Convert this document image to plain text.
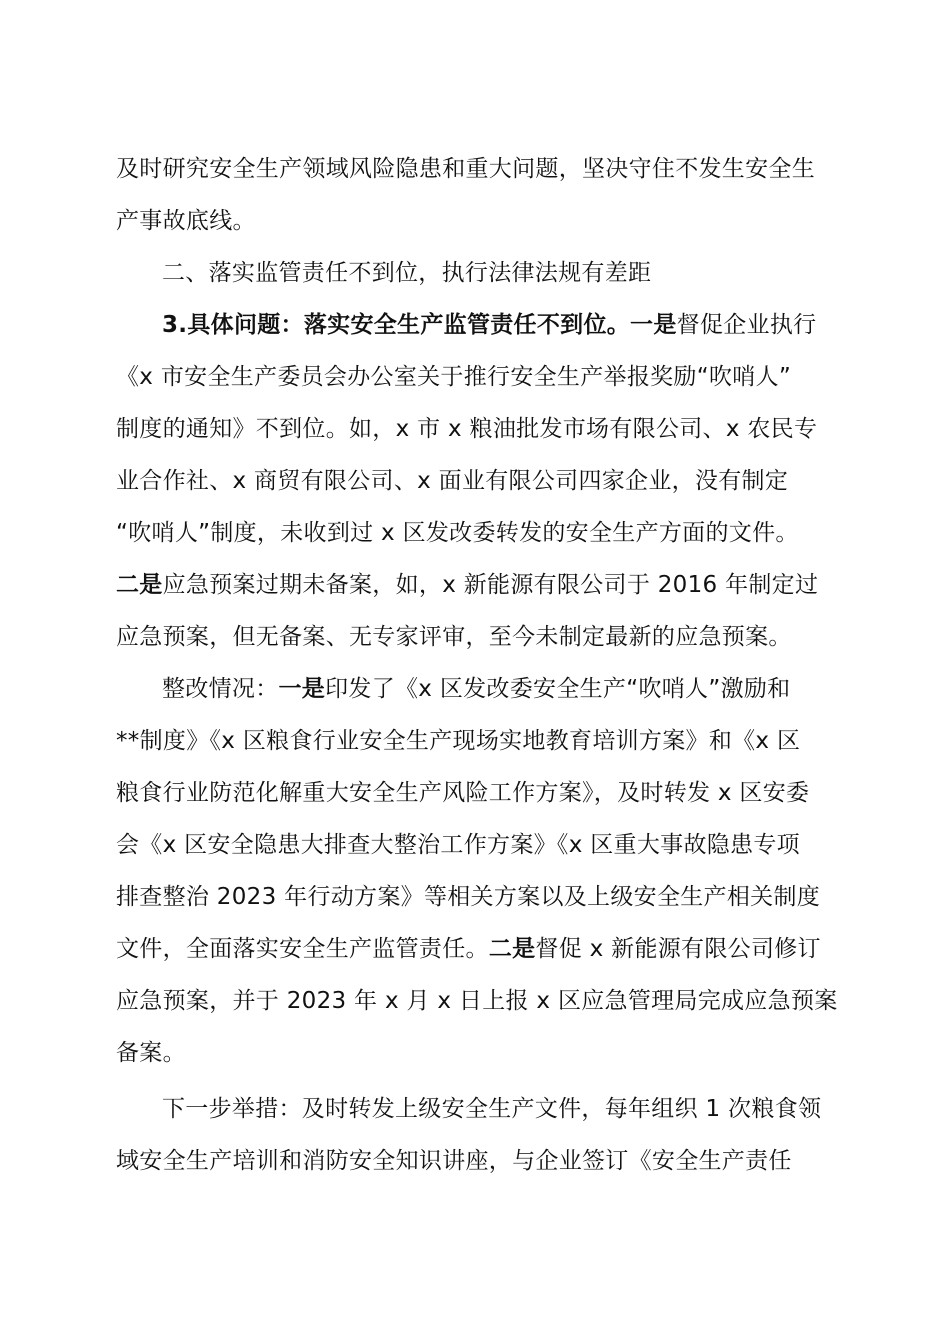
及时研究安全生产领域风险隐患和重大问题，坚决守住不发生安全生
产事故底线。
二、落实监管责任不到位，执行法律法规有差距
3.具体问题：落实安全生产监管责任不到位。一是督促企业执行
《x 市安全生产委员会办公室关于推行安全生产举报奖励“吹哨人”
制度的通知》不到位。如，x 市 x 粮油批发市场有限公司、x 农民专
业合作社、x 商贸有限公司、x 面业有限公司四家企业，没有制定
“吹哨人”制度，未收到过 x 区发改委转发的安全生产方面的文件。
二是应急预案过期未备案，如，x 新能源有限公司于 2016 年制定过
应急预案，但无备案、无专家评审，至今未制定最新的应急预案。
整改情况：一是印发了《x 区发改委安全生产“吹哨人”激励和
**制度》《x 区粮食行业安全生产现场实地教育培训方案》和《x 区
粮食行业防范化解重大安全生产风险工作方案》，及时转发 x 区安委
会《x 区安全隐患大排查大整治工作方案》《x 区重大事故隐患专项
排查整治 2023 年行动方案》等相关方案以及上级安全生产相关制度
文件，全面落实安全生产监管责任。二是督促 x 新能源有限公司修订
应急预案，并于 2023 年 x 月 x 日上报 x 区应急管理局完成应急预案
备案。
下一步举措：及时转发上级安全生产文件，每年组织 1 次粮食领
域安全生产培训和消防安全知识讲座，与企业签订《安全生产责任
